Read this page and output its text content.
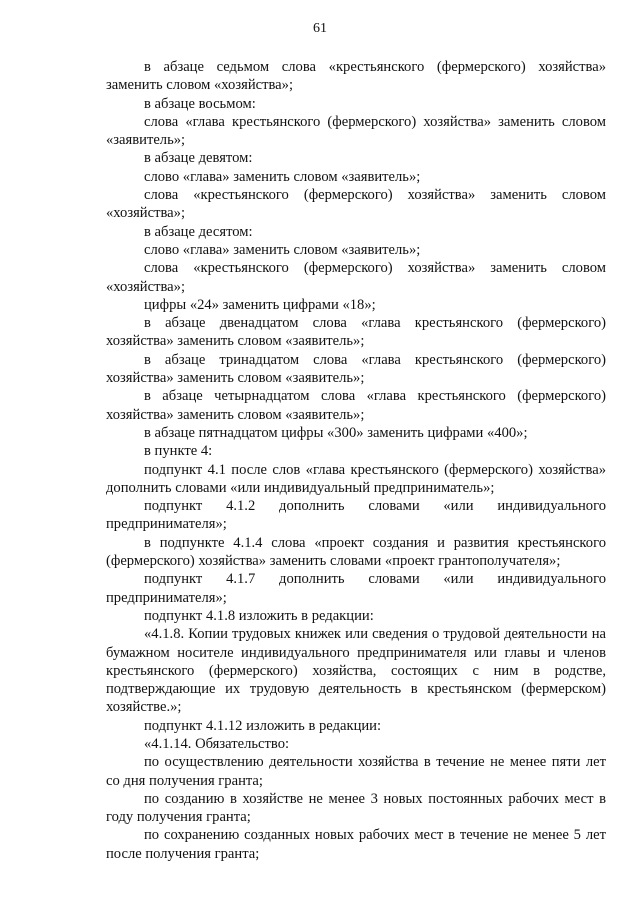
61

в абзаце седьмом слова «крестьянского (фермерского) хозяйства» заменить словом «хозяйства»;

в абзаце восьмом:

слова «глава крестьянского (фермерского) хозяйства» заменить словом «заявитель»;

в абзаце девятом:

слово «глава» заменить словом «заявитель»;

слова «крестьянского (фермерского) хозяйства» заменить словом «хозяйства»;

в абзаце десятом:

слово «глава» заменить словом «заявитель»;

слова «крестьянского (фермерского) хозяйства» заменить словом «хозяйства»;

цифры «24» заменить цифрами «18»;

в абзаце двенадцатом слова «глава крестьянского (фермерского) хозяйства» заменить словом «заявитель»;

в абзаце тринадцатом слова «глава крестьянского (фермерского) хозяйства» заменить словом «заявитель»;

в абзаце четырнадцатом слова «глава крестьянского (фермерского) хозяйства» заменить словом «заявитель»;

в абзаце пятнадцатом цифры «300» заменить цифрами «400»;

в пункте 4:

подпункт 4.1 после слов «глава крестьянского (фермерского) хозяйства» дополнить словами «или индивидуальный предприниматель»;

подпункт 4.1.2 дополнить словами «или индивидуального предпринимателя»;

в подпункте 4.1.4 слова «проект создания и развития крестьянского (фермерского) хозяйства» заменить словами «проект грантополучателя»;

подпункт 4.1.7 дополнить словами «или индивидуального предпринимателя»;

подпункт 4.1.8 изложить в редакции:

«4.1.8. Копии трудовых книжек или сведения о трудовой деятельности на бумажном носителе индивидуального предпринимателя или главы и членов крестьянского (фермерского) хозяйства, состоящих с ним в родстве, подтверждающие их трудовую деятельность в крестьянском (фермерском) хозяйстве.»;

подпункт 4.1.12 изложить в редакции:

«4.1.14. Обязательство:

по осуществлению деятельности хозяйства в течение не менее пяти лет со дня получения гранта;

по созданию в хозяйстве не менее 3 новых постоянных рабочих мест в году получения гранта;

по сохранению созданных новых рабочих мест в течение не менее 5 лет после получения гранта;
